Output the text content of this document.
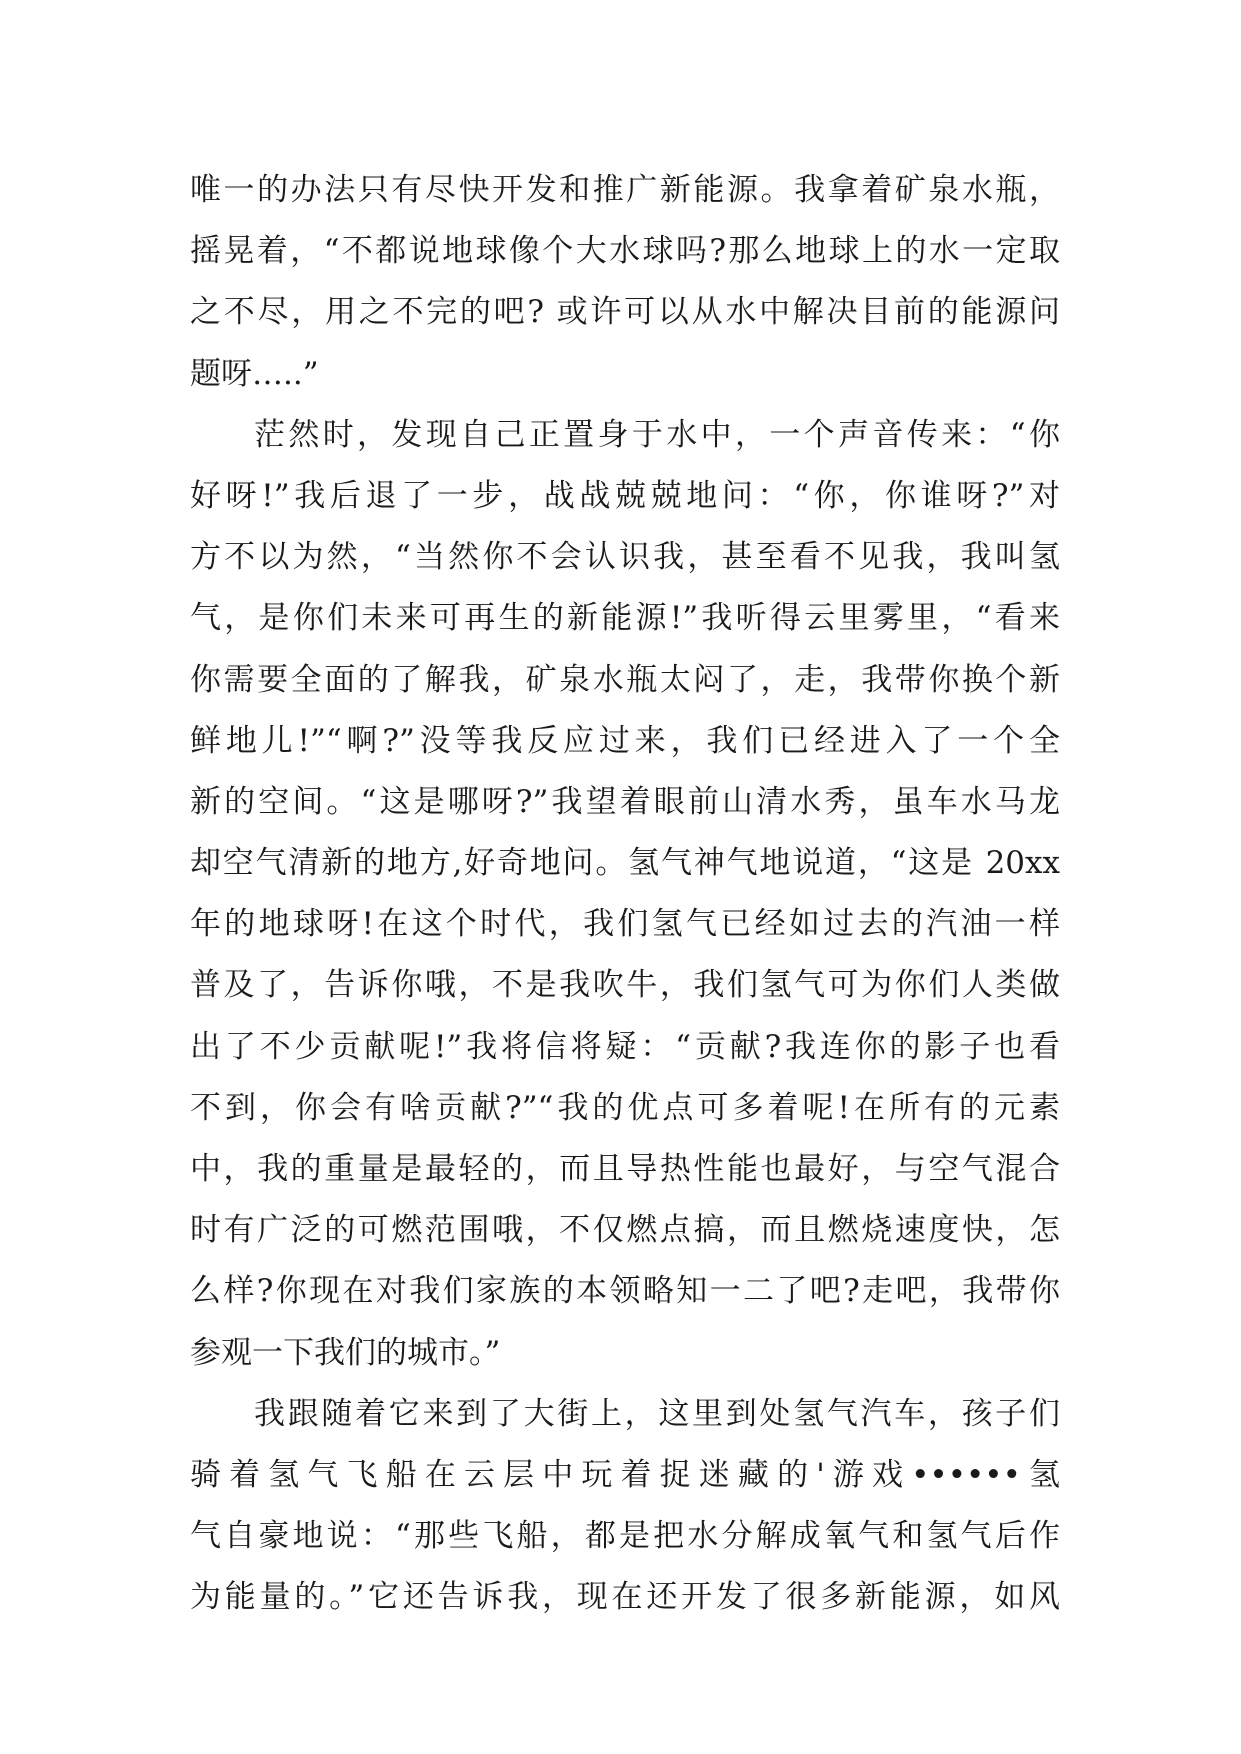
唯一的办法只有尽快开发和推广新能源。我拿着矿泉水瓶，
摇晃着，“不都说地球像个大水球吗?那么地球上的水一定取
之不尽，用之不完的吧? 或许可以从水中解决目前的能源问
题呀…..”
茫然时，发现自己正置身于水中，一个声音传来：“你
好呀!”我后退了一步，战战兢兢地问：“你，你谁呀?”对
方不以为然，“当然你不会认识我，甚至看不见我，我叫氢
气，是你们未来可再生的新能源!”我听得云里雾里，“看来
你需要全面的了解我，矿泉水瓶太闷了，走，我带你换个新
鲜地儿!”“啊?”没等我反应过来，我们已经进入了一个全
新的空间。“这是哪呀?”我望着眼前山清水秀，虽车水马龙
却空气清新的地方,好奇地问。氢气神气地说道，“这是 20xx
年的地球呀!在这个时代，我们氢气已经如过去的汽油一样
普及了，告诉你哦，不是我吹牛，我们氢气可为你们人类做
出了不少贡献呢!”我将信将疑：“贡献?我连你的影子也看
不到，你会有啥贡献?”“我的优点可多着呢!在所有的元素
中，我的重量是最轻的，而且导热性能也最好，与空气混合
时有广泛的可燃范围哦，不仅燃点搞，而且燃烧速度快，怎
么样?你现在对我们家族的本领略知一二了吧?走吧，我带你
参观一下我们的城市。”
我跟随着它来到了大街上，这里到处氢气汽车，孩子们
骑着氢气飞船在云层中玩着捉迷藏的'游戏••••••氢
气自豪地说：“那些飞船，都是把水分解成氧气和氢气后作
为能量的。”它还告诉我，现在还开发了很多新能源，如风
